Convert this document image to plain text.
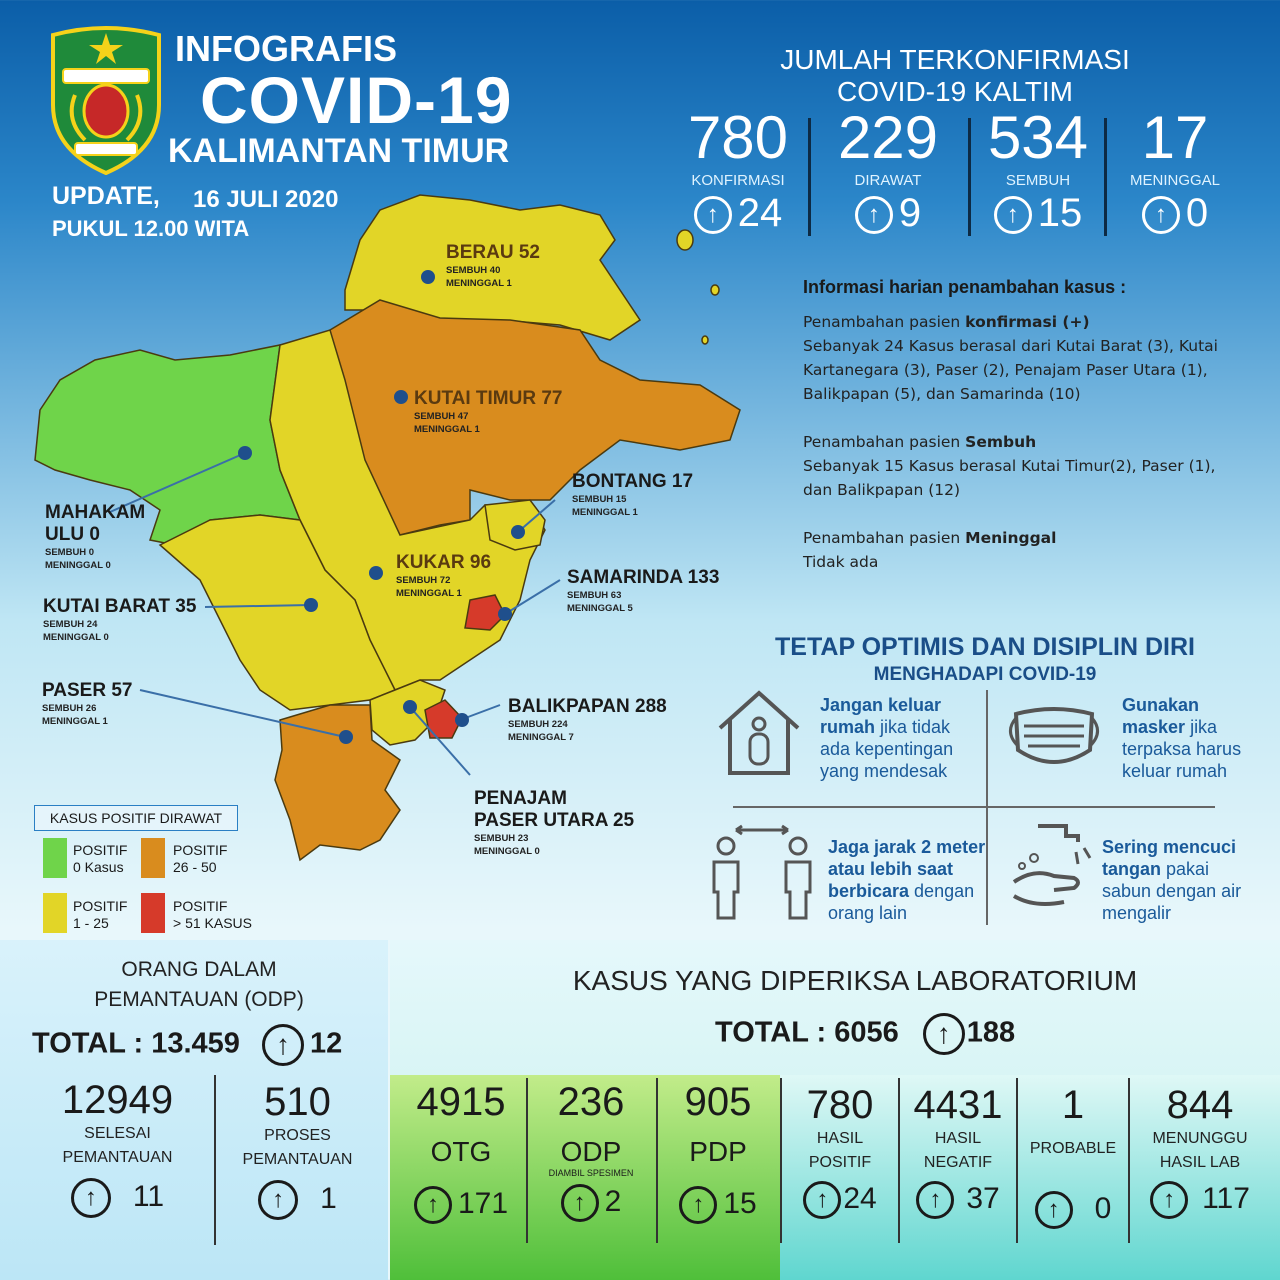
INFOGRAFIS
COVID-19
KALIMANTAN TIMUR
UPDATE, 16 JULI 2020
PUKUL 12.00 WITA
JUMLAH TERKONFIRMASI
COVID-19 KALTIM
780
KONFIRMASI
↑ 24
229
DIRAWAT
↑ 9
534
SEMBUH
↑ 15
17
MENINGGAL
↑ 0
BERAU 52
SEMBUH 40
MENINGGAL 1
KUTAI TIMUR 77
SEMBUH 47
MENINGGAL 1
BONTANG 17
SEMBUH 15
MENINGGAL 1
MAHAKAM
ULU 0
SEMBUH 0
MENINGGAL 0	KUKAR 96
SEMBUH 72
MENINGGAL 1
SAMARINDA 133
SEMBUH 63
MENINGGAL 5
KUTAI BARAT 35
SEMBUH 24
MENINGGAL 0
PASER 57
SEMBUH 26
MENINGGAL 1
BALIKPAPAN 288
SEMBUH 224
MENINGGAL 7
PENAJAM
PASER UTARA 25
SEMBUH 23
MENINGGAL 0
KASUS POSITIF DIRAWAT
POSITIF
0 Kasus
POSITIF
26 - 50
POSITIF
1 - 25
POSITIF
> 51 KASUS
Informasi harian penambahan kasus :
Penambahan pasien konfirmasi (+)
Sebanyak 24 Kasus berasal dari Kutai Barat (3), Kutai Kartanegara (3), Paser (2), Penajam Paser Utara (1), Balikpapan (5), dan Samarinda (10)
Penambahan pasien Sembuh
Sebanyak 15 Kasus berasal Kutai Timur(2), Paser (1), dan Balikpapan (12)
Penambahan pasien Meninggal
Tidak ada
TETAP OPTIMIS DAN DISIPLIN DIRI
MENGHADAPI COVID-19
Jangan keluar rumah jika tidak ada kepentingan yang mendesak
Gunakan masker jika terpaksa harus keluar rumah
Jaga jarak 2 meter atau lebih saat berbicara dengan orang lain
Sering mencuci tangan pakai sabun dengan air mengalir
ORANG DALAM
PEMANTAUAN (ODP)
TOTAL : 13.459 ↑ 12
12949
SELESAI
PEMANTAUAN
↑ 11
510
PROSES
PEMANTAUAN
↑ 1
KASUS YANG DIPERIKSA LABORATORIUM
TOTAL : 6056 ↑ 188
4915
OTG
↑ 171
236
ODP
DIAMBIL SPESIMEN
↑ 2
905
PDP
↑ 15
780
HASIL
POSITIF
↑ 24
4431
HASIL
NEGATIF
↑ 37
1
PROBABLE
↑ 0
844
MENUNGGU
HASIL LAB
↑ 117
